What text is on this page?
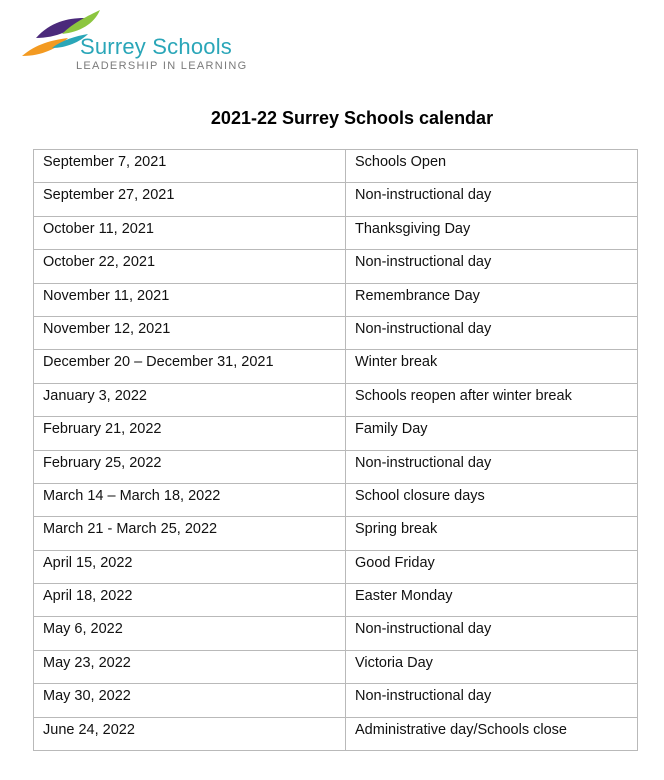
Surrey Schools
LEADERSHIP IN LEARNING
2021-22 Surrey Schools calendar
September 7, 2021	Schools Open
September 27, 2021	Non-instructional day
October 11, 2021	Thanksgiving Day
October 22, 2021	Non-instructional day
November 11, 2021	Remembrance Day
November 12, 2021	Non-instructional day
December 20 – December 31, 2021	Winter break
January 3, 2022	Schools reopen after winter break
February 21, 2022	Family Day
February 25, 2022	Non-instructional day
March 14 – March 18, 2022	School closure days
March 21 - March 25, 2022	Spring break
April 15, 2022	Good Friday
April 18, 2022	Easter Monday
May 6, 2022	Non-instructional day
May 23, 2022	Victoria Day
May 30, 2022	Non-instructional day
June 24, 2022	Administrative day/Schools close
